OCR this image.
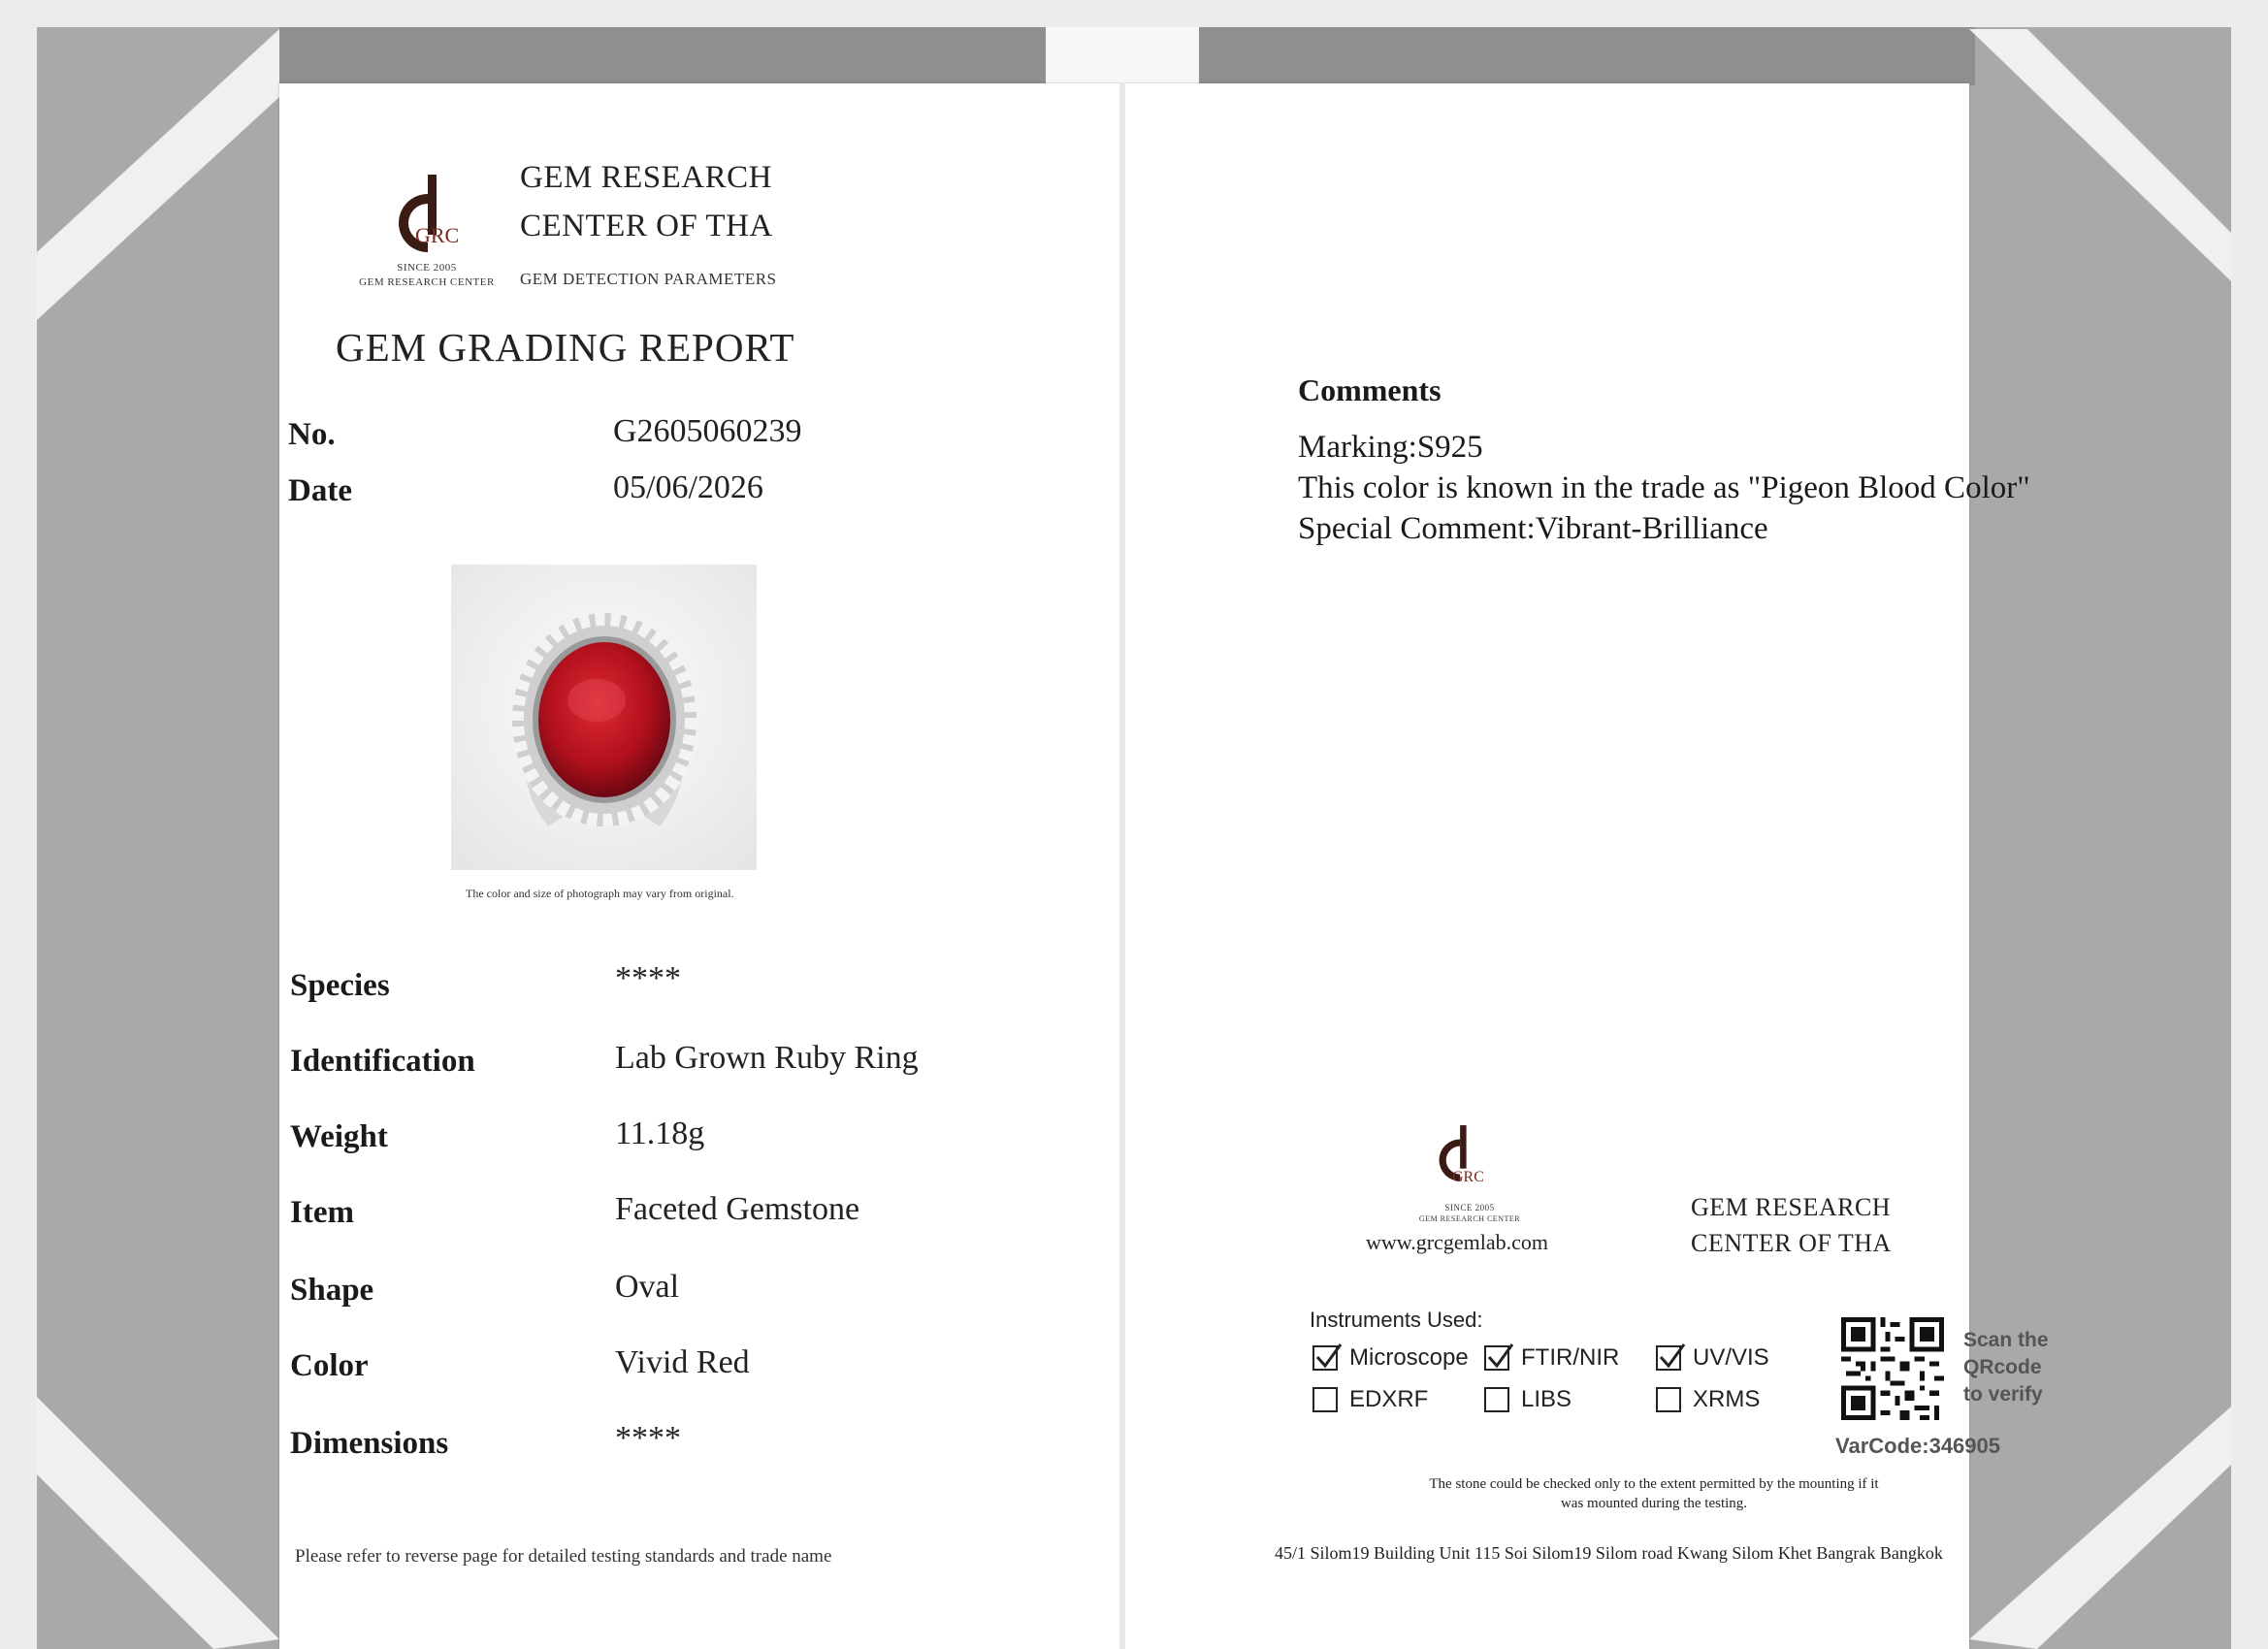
GRC
SINCE 2005
GEM RESEARCH CENTER
GEM RESEARCH
CENTER OF THA
GEM DETECTION PARAMETERS
GEM GRADING REPORT
No.	G2605060239
Date	05/06/2026
The color and size of photograph may vary from original.
Species	****
Identification	Lab Grown Ruby Ring
Weight	11.18g
Item	Faceted Gemstone
Shape	Oval
Color	Vivid Red
Dimensions	****
Please refer to reverse page for detailed testing standards and trade name
Comments
Marking:S925
This color is known in the trade as "Pigeon Blood Color"
Special Comment:Vibrant-Brilliance
GRC
SINCE 2005
GEM RESEARCH CENTER
www.grcgemlab.com
GEM RESEARCH
CENTER OF THA
Instruments Used:
Microscope FTIR/NIR	UV/VIS
EDXRF	LIBS	XRMS
Scan the
QRcode
to verify
VarCode:346905
The stone could be checked only to the extent permitted by the mounting if it
was mounted during the testing.
45/1 Silom19 Building Unit 115 Soi Silom19 Silom road Kwang Silom Khet Bangrak Bangkok
